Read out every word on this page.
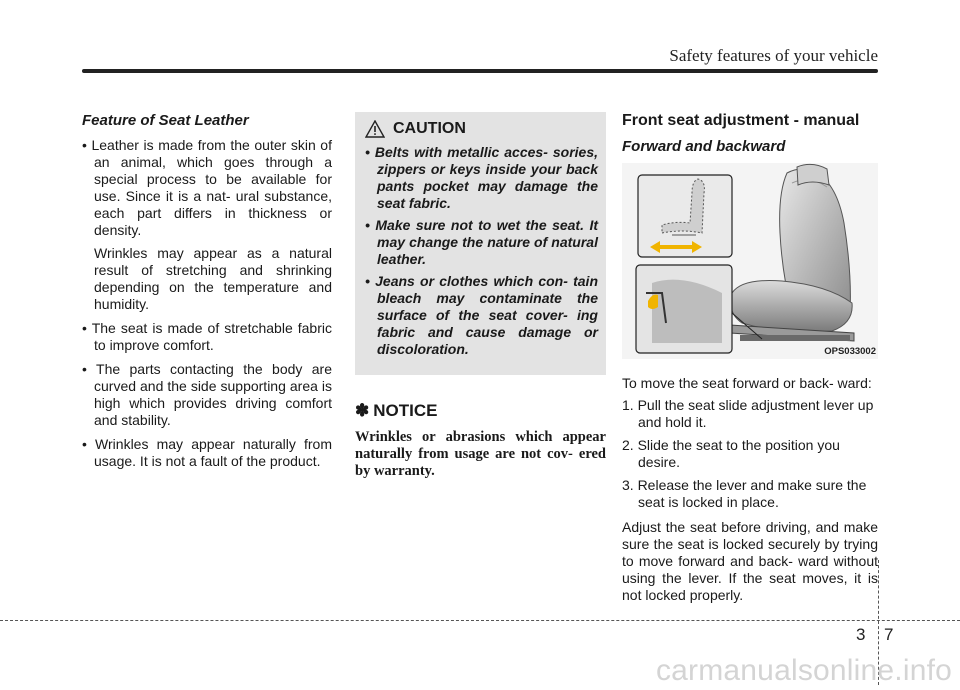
Safety features of your vehicle
Feature of Seat Leather
• Leather is made from the outer skin of an animal, which goes through a special process to be available for use. Since it is a nat- ural substance, each part differs in thickness or density.

Wrinkles may appear as a natural result of stretching and shrinking depending on the temperature and humidity.

• The seat is made of stretchable fabric to improve comfort.
• The parts contacting the body are curved and the side supporting area is high which provides driving comfort and stability.
• Wrinkles may appear naturally from usage. It is not a fault of the product.
CAUTION
• Belts with metallic acces- sories, zippers or keys inside your back pants pocket may damage the seat fabric.
• Make sure not to wet the seat. It may change the nature of natural leather.
• Jeans or clothes which con- tain bleach may contaminate the surface of the seat cover- ing fabric and cause damage or discoloration.
✽ NOTICE

Wrinkles or abrasions which appear naturally from usage are not cov- ered by warranty.

Front seat adjustment - manual
Forward and backward
OPS033002

To move the seat forward or back- ward:

1. Pull the seat slide adjustment lever up and hold it.
2. Slide the seat to the position you desire.
3. Release the lever and make sure the seat is locked in place.

Adjust the seat before driving, and make sure the seat is locked securely by trying to move forward and back- ward without using the lever. If the seat moves, it is not locked properly.

3 7
carmanualsonline.info
